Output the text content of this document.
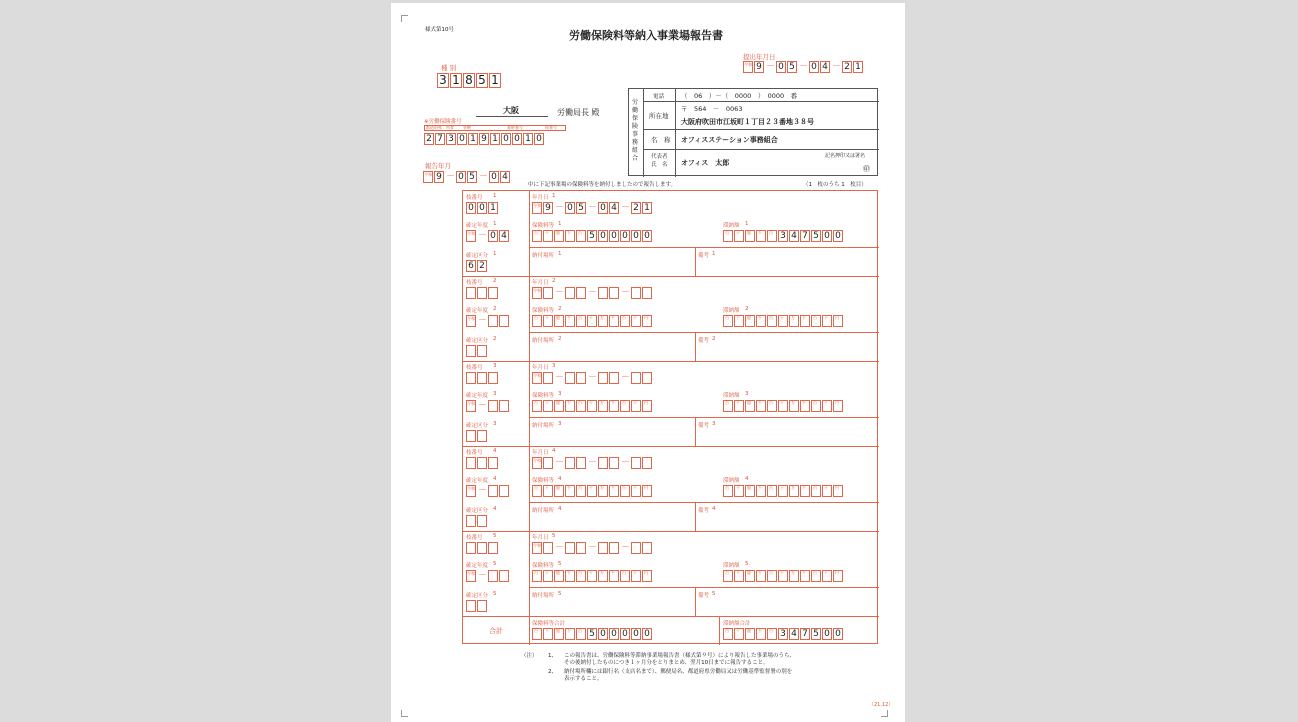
様式第10号	労働保険料等納入事業場報告書
提出年月日
令和 9 － 0 5 － 0 4 － 2 1
種 別
3 1 8 5 1
大阪	労働局長 殿
※労働保険番号
都道府県 所掌 管轄	基幹番号	枝番号
2 7 3 0 1 9 1 0 0 1 0
報告年月
令和 9 － 0 5 － 0 4
労働保険事務組合
電話	（　06　）－（　0000　）　0000　番
所在地
〒　564　－　0063
大阪府吹田市江坂町１丁目２３番地３８号
名　称 オフィスステーション事務組合
代表者
氏　名 オフィス　太郎
記名押印又は署名
㊞
中に下記事業場の保険料等を納付しましたので報告します。	（1　枚のうち 1　枚目）
枝番号 1
0 0 1
確定年度 1
令和 － 0 4
確定区分 1
6 2
年月日 1
令和 9 － 0 5 － 0 4 － 2 1
保険料等 1
百 十 億 千 百 5 0 0 0 0 0
滞納額 1
百 十 億 千 百 3 4 7 5 0 0
納付場所 1	備考 1
枝番号 2
確定年度 2
令和 －
確定区分 2
年月日 2
令和 －	－	－
保険料等 2
百 十 億 千 百 十 万 千 百 十 円
滞納額 2
百 十 億 千 百 十 万 千 百 十 円
納付場所 2	備考 2
枝番号 3
確定年度 3
令和 －
確定区分 3
年月日 3
令和 －	－	－
保険料等 3
百 十 億 千 百 十 万 千 百 十 円
滞納額 3
百 十 億 千 百 十 万 千 百 十 円
納付場所 3	備考 3
枝番号 4
確定年度 4
令和 －
確定区分 4
年月日 4
令和 －	－	－
保険料等 4
百 十 億 千 百 十 万 千 百 十 円
滞納額 4
百 十 億 千 百 十 万 千 百 十 円
納付場所 4	備考 4
枝番号 5
確定年度 5
令和 －
確定区分 5
年月日 5
令和 －	－	－
保険料等 5
百 十 億 千 百 十 万 千 百 十 円
滞納額 5
百 十 億 千 百 十 万 千 百 十 円
納付場所 5	備考 5
合計
保険料等合計
百 十 億 千 百 5 0 0 0 0 0
滞納額合計
百 十 億 千 百 3 4 7 5 0 0
（注） 1、 この報告書は、労働保険料等滞納事業場報告書（様式第９号）により報告した事業場のうち、
その後納付したものにつき１ヶ月分をとりまとめ、翌月10日までに報告すること。
2、 納付場所欄には銀行名（支店名まで）、郵便局名、都道府県労働局又は労働基準監督署の別を
表示すること。
（21.12）
